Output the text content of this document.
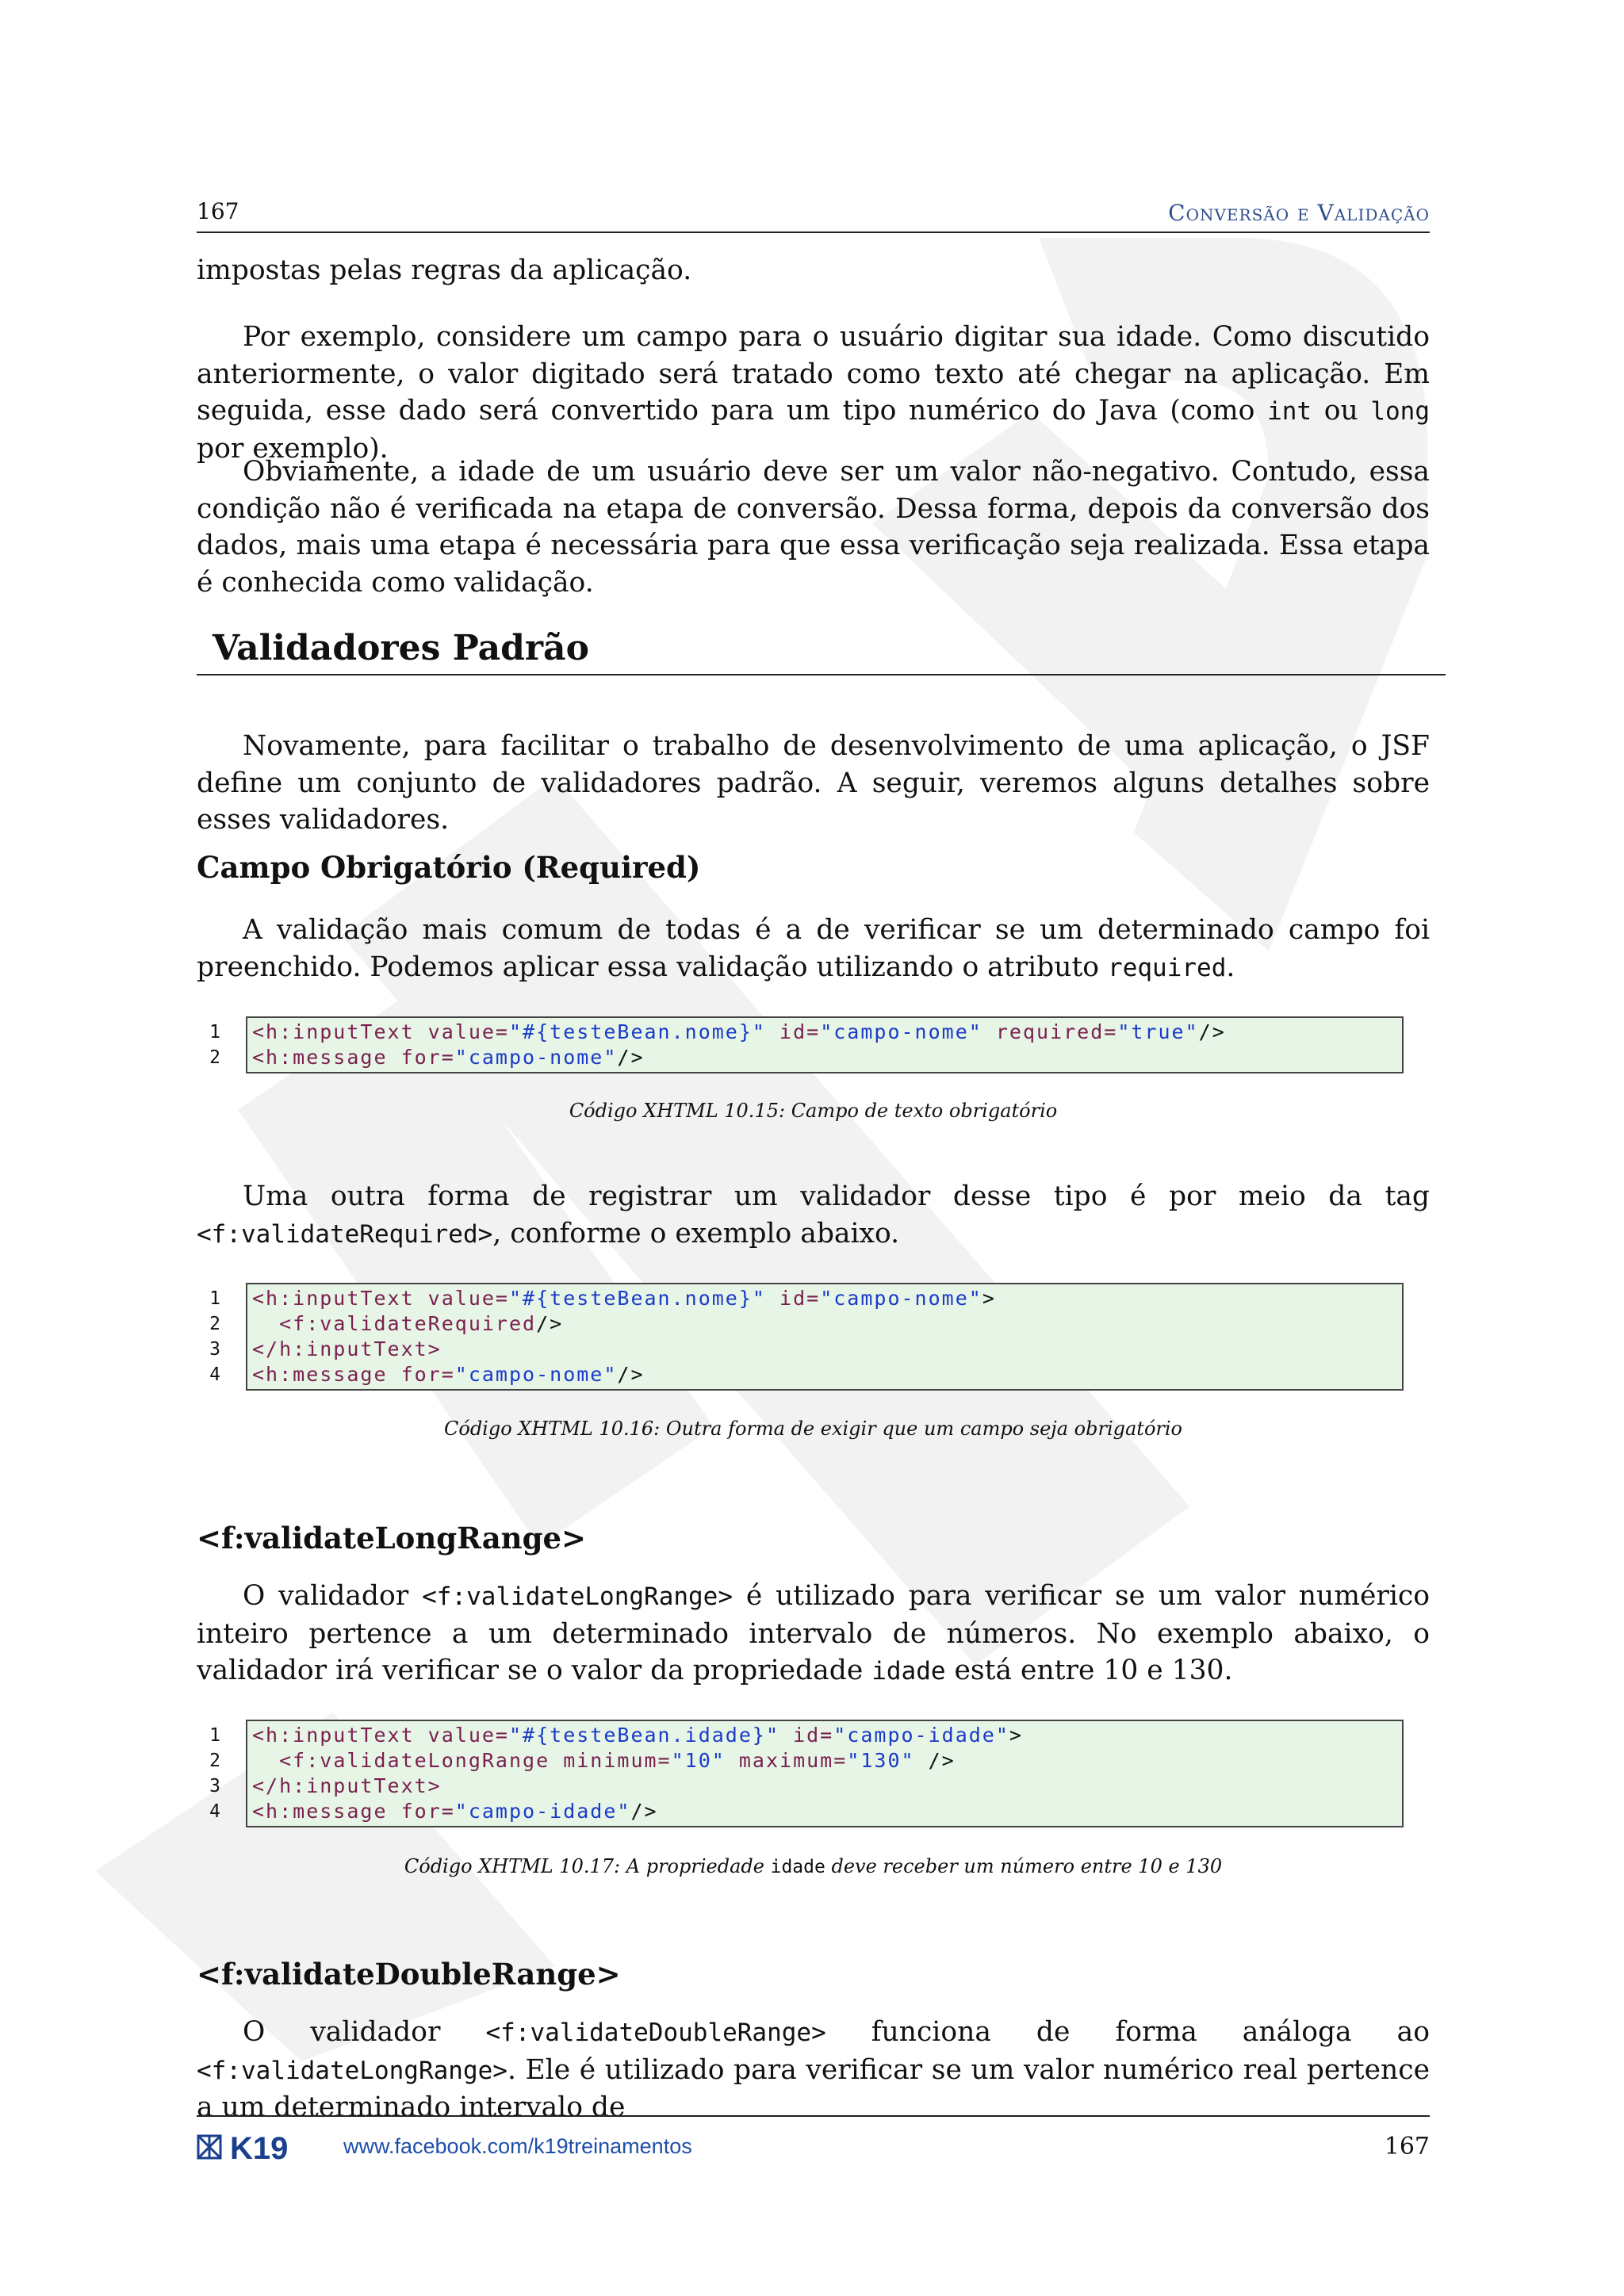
167	Conversão e Validação

impostas pelas regras da aplicação.

Por exemplo, considere um campo para o usuário digitar sua idade. Como discutido anteriormente, o valor digitado será tratado como texto até chegar na aplicação. Em seguida, esse dado será convertido para um tipo numérico do Java (como int ou long por exemplo).

Obviamente, a idade de um usuário deve ser um valor não-negativo. Contudo, essa condição não é verificada na etapa de conversão. Dessa forma, depois da conversão dos dados, mais uma etapa é necessária para que essa verificação seja realizada. Essa etapa é conhecida como validação.

Validadores Padrão

Novamente, para facilitar o trabalho de desenvolvimento de uma aplicação, o JSF define um conjunto de validadores padrão. A seguir, veremos alguns detalhes sobre esses validadores.

Campo Obrigatório (Required)

A validação mais comum de todas é a de verificar se um determinado campo foi preenchido. Podemos aplicar essa validação utilizando o atributo required.

1
2
<h:inputText value="#{testeBean.nome}" id="campo-nome" required="true"/>
<h:message for="campo-nome"/>
Código XHTML 10.15: Campo de texto obrigatório

Uma outra forma de registrar um validador desse tipo é por meio da tag <f:validateRequired>, conforme o exemplo abaixo.

1
2
3
4
<h:inputText value="#{testeBean.nome}" id="campo-nome">
<f:validateRequired/>
</h:inputText>
<h:message for="campo-nome"/>
Código XHTML 10.16: Outra forma de exigir que um campo seja obrigatório
<f:validateLongRange>

O validador <f:validateLongRange> é utilizado para verificar se um valor numérico inteiro pertence a um determinado intervalo de números. No exemplo abaixo, o validador irá verificar se o valor da propriedade idade está entre 10 e 130.

1
2
3
4
<h:inputText value="#{testeBean.idade}" id="campo-idade">
<f:validateLongRange minimum="10" maximum="130" />
</h:inputText>
<h:message for="campo-idade"/>
Código XHTML 10.17: A propriedade idade deve receber um número entre 10 e 130
<f:validateDoubleRange>

O validador <f:validateDoubleRange> funciona de forma análoga ao <f:validateLongRange>. Ele é utilizado para verificar se um valor numérico real pertence a um determinado intervalo de

K19	www.facebook.com/k19treinamentos	167
